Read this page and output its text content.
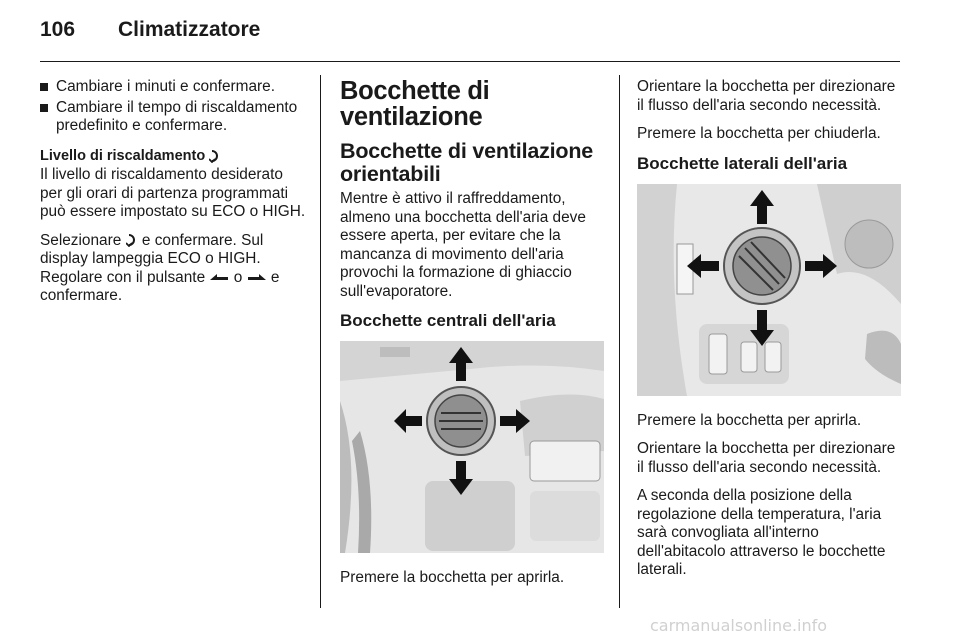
106	Climatizzatore
Cambiare i minuti e confermare.
Cambiare il tempo di riscaldamento predefinito e confermare.
Livello di riscaldamento

Il livello di riscaldamento desiderato per gli orari di partenza programmati può essere impostato su ECO o HIGH.

Selezionare e confermare. Sul display lampeggia ECO o HIGH. Regolare con il pulsante o e confermare.

Bocchette di ventilazione
Bocchette di ventilazione orientabili

Mentre è attivo il raffreddamento, almeno una bocchetta dell'aria deve essere aperta, per evitare che la mancanza di movimento dell'aria provochi la formazione di ghiaccio sull'evaporatore.

Bocchette centrali dell'aria

Premere la bocchetta per aprirla.

Orientare la bocchetta per direzionare il flusso dell'aria secondo necessità.

Premere la bocchetta per chiuderla.

Bocchette laterali dell'aria

Premere la bocchetta per aprirla.

Orientare la bocchetta per direzionare il flusso dell'aria secondo necessità.

A seconda della posizione della regolazione della temperatura, l'aria sarà convogliata all'interno dell'abitacolo attraverso le bocchette laterali.

carmanualsonline.info
